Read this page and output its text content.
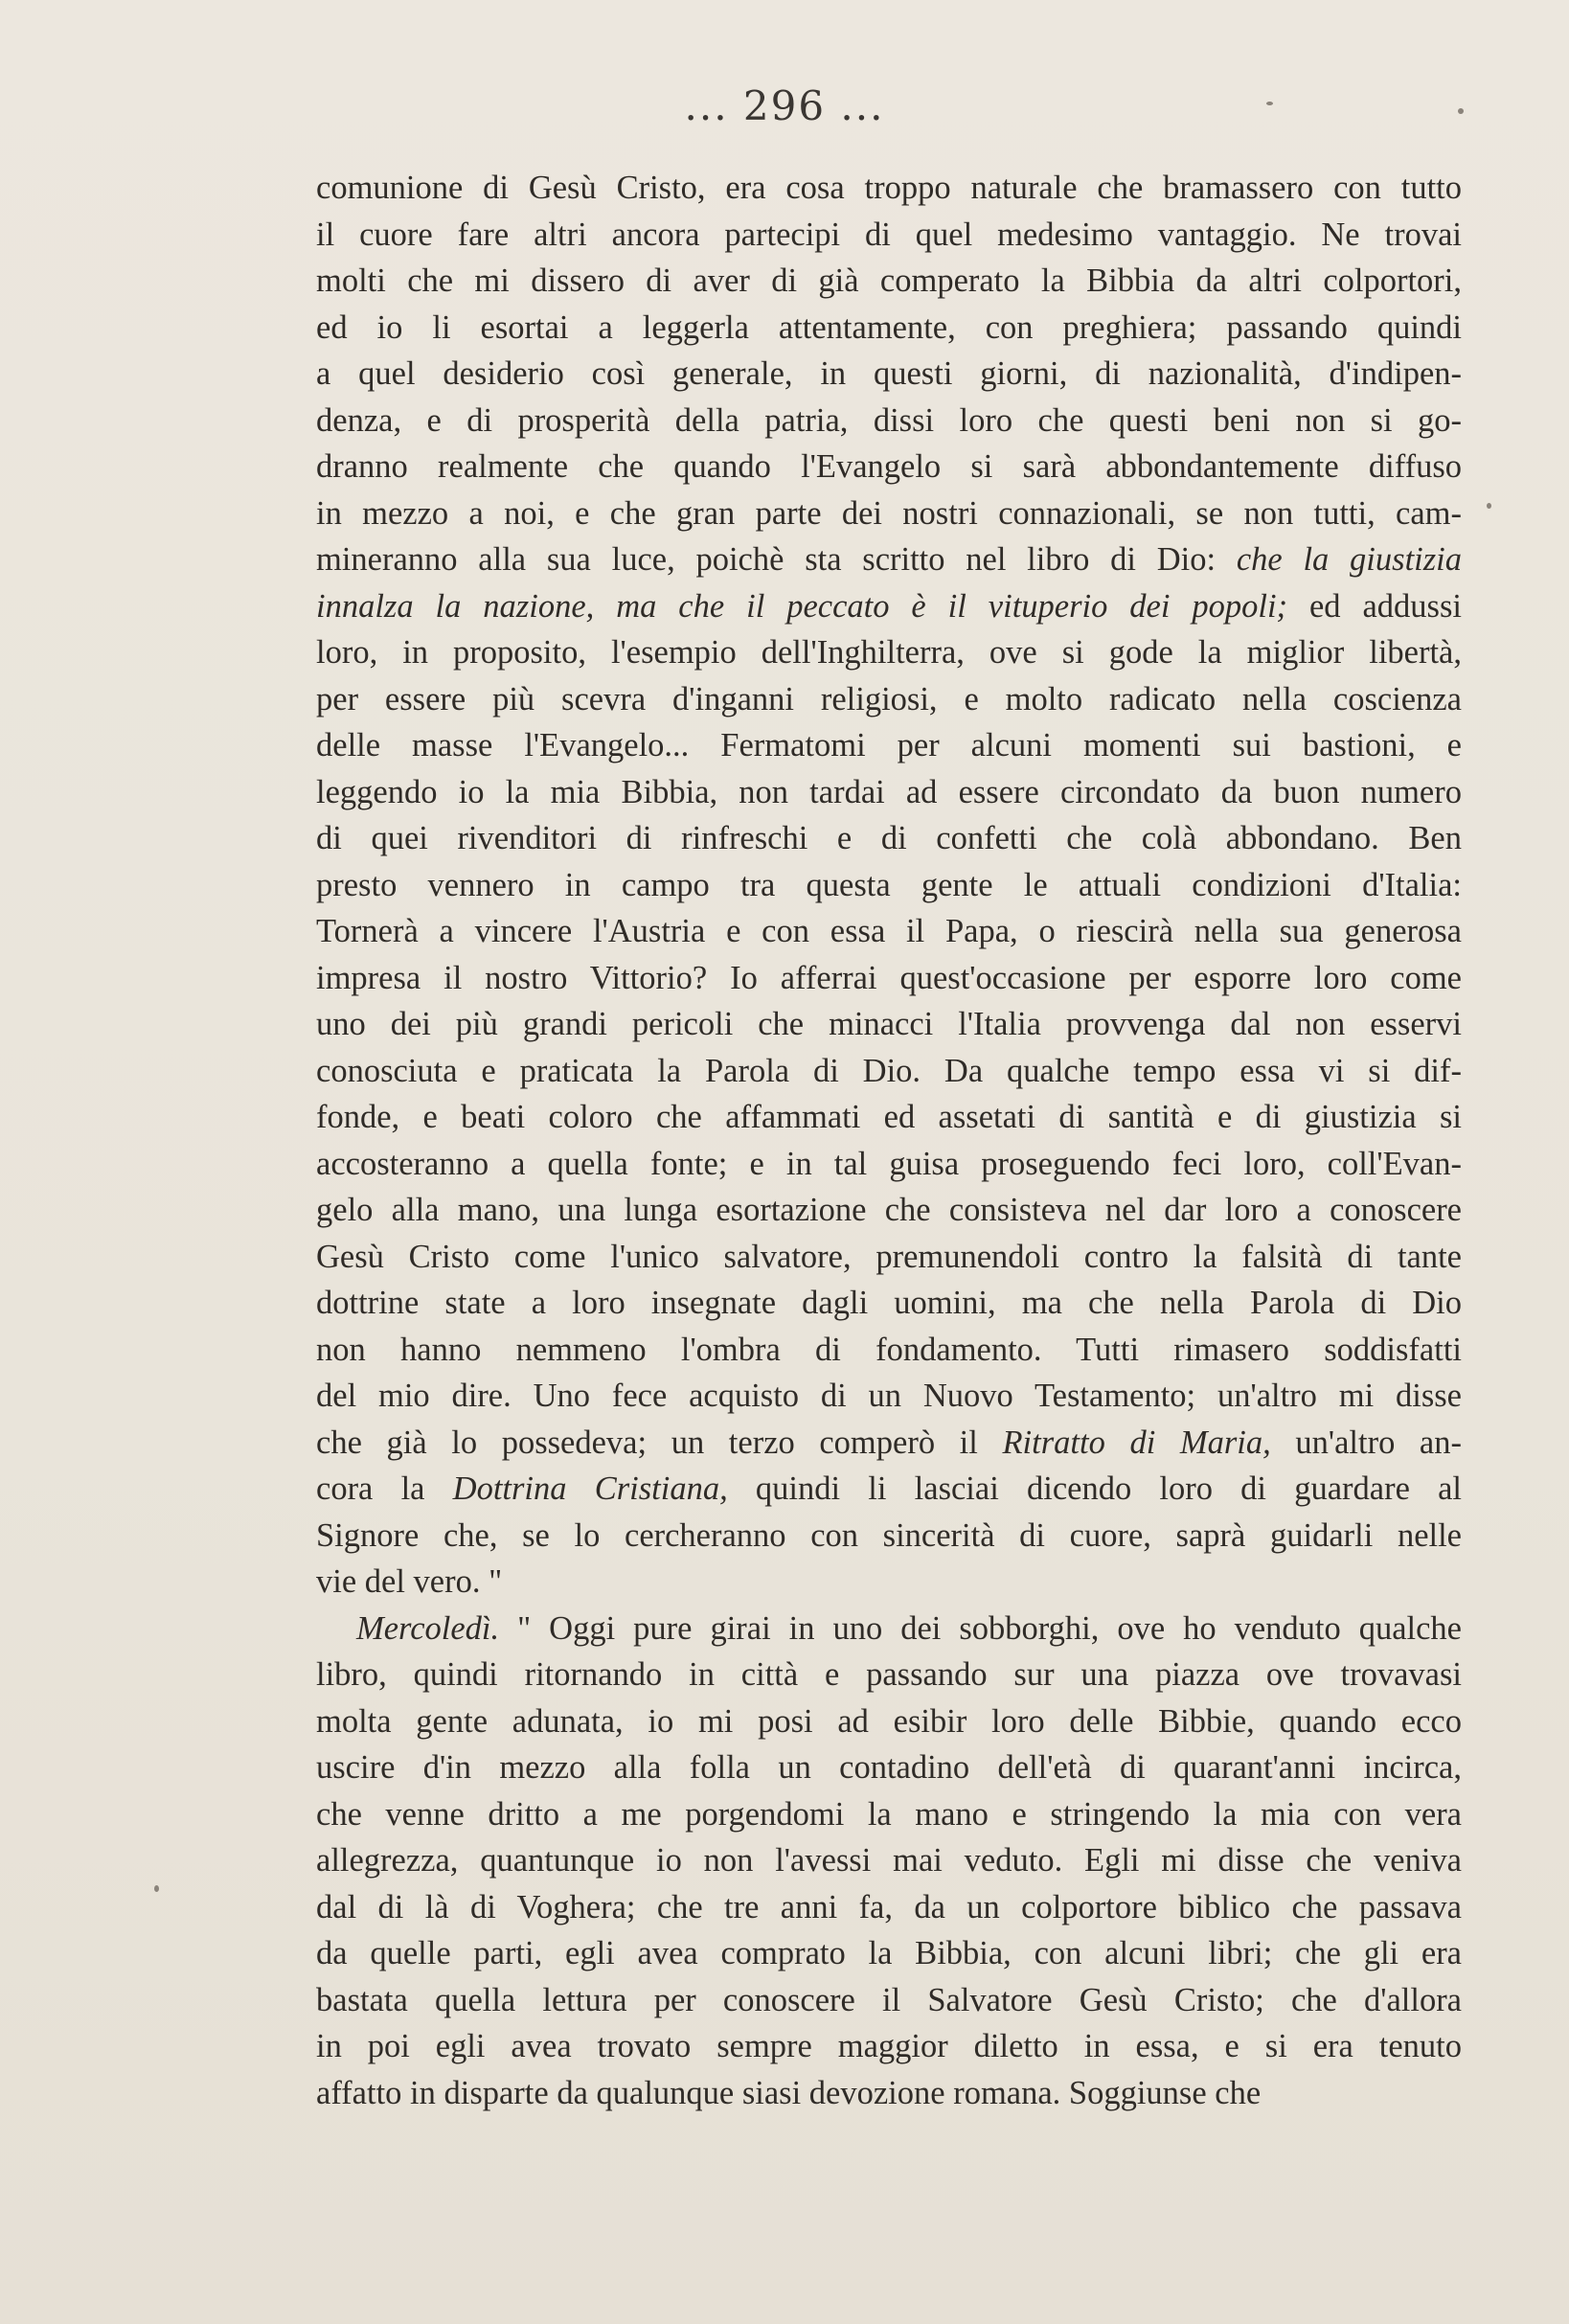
... 296 ...
comunione di Gesù Cristo, era cosa troppo naturale che bramassero con tutto
il cuore fare altri ancora partecipi di quel medesimo vantaggio. Ne trovai
molti che mi dissero di aver di già comperato la Bibbia da altri colportori,
ed io li esortai a leggerla attentamente, con preghiera; passando quindi
a quel desiderio così generale, in questi giorni, di nazionalità, d'indipen-
denza, e di prosperità della patria, dissi loro che questi beni non si go-
dranno realmente che quando l'Evangelo si sarà abbondantemente diffuso
in mezzo a noi, e che gran parte dei nostri connazionali, se non tutti, cam-
mineranno alla sua luce, poichè sta scritto nel libro di Dio: che la giustizia
innalza la nazione, ma che il peccato è il vituperio dei popoli; ed addussi
loro, in proposito, l'esempio dell'Inghilterra, ove si gode la miglior libertà,
per essere più scevra d'inganni religiosi, e molto radicato nella coscienza
delle masse l'Evangelo... Fermatomi per alcuni momenti sui bastioni, e
leggendo io la mia Bibbia, non tardai ad essere circondato da buon numero
di quei rivenditori di rinfreschi e di confetti che colà abbondano. Ben
presto vennero in campo tra questa gente le attuali condizioni d'Italia:
Tornerà a vincere l'Austria e con essa il Papa, o riescirà nella sua generosa
impresa il nostro Vittorio? Io afferrai quest'occasione per esporre loro come
uno dei più grandi pericoli che minacci l'Italia provvenga dal non esservi
conosciuta e praticata la Parola di Dio. Da qualche tempo essa vi si dif-
fonde, e beati coloro che affammati ed assetati di santità e di giustizia si
accosteranno a quella fonte; e in tal guisa proseguendo feci loro, coll'Evan-
gelo alla mano, una lunga esortazione che consisteva nel dar loro a conoscere
Gesù Cristo come l'unico salvatore, premunendoli contro la falsità di tante
dottrine state a loro insegnate dagli uomini, ma che nella Parola di Dio
non hanno nemmeno l'ombra di fondamento. Tutti rimasero soddisfatti
del mio dire. Uno fece acquisto di un Nuovo Testamento; un'altro mi disse
che già lo possedeva; un terzo comperò il Ritratto di Maria, un'altro an-
cora la Dottrina Cristiana, quindi li lasciai dicendo loro di guardare al
Signore che, se lo cercheranno con sincerità di cuore, saprà guidarli nelle
vie del vero. "
Mercoledì. " Oggi pure girai in uno dei sobborghi, ove ho venduto qualche
libro, quindi ritornando in città e passando sur una piazza ove trovavasi
molta gente adunata, io mi posi ad esibir loro delle Bibbie, quando ecco
uscire d'in mezzo alla folla un contadino dell'età di quarant'anni incirca,
che venne dritto a me porgendomi la mano e stringendo la mia con vera
allegrezza, quantunque io non l'avessi mai veduto. Egli mi disse che veniva
dal di là di Voghera; che tre anni fa, da un colportore biblico che passava
da quelle parti, egli avea comprato la Bibbia, con alcuni libri; che gli era
bastata quella lettura per conoscere il Salvatore Gesù Cristo; che d'allora
in poi egli avea trovato sempre maggior diletto in essa, e si era tenuto
affatto in disparte da qualunque siasi devozione romana. Soggiunse che
